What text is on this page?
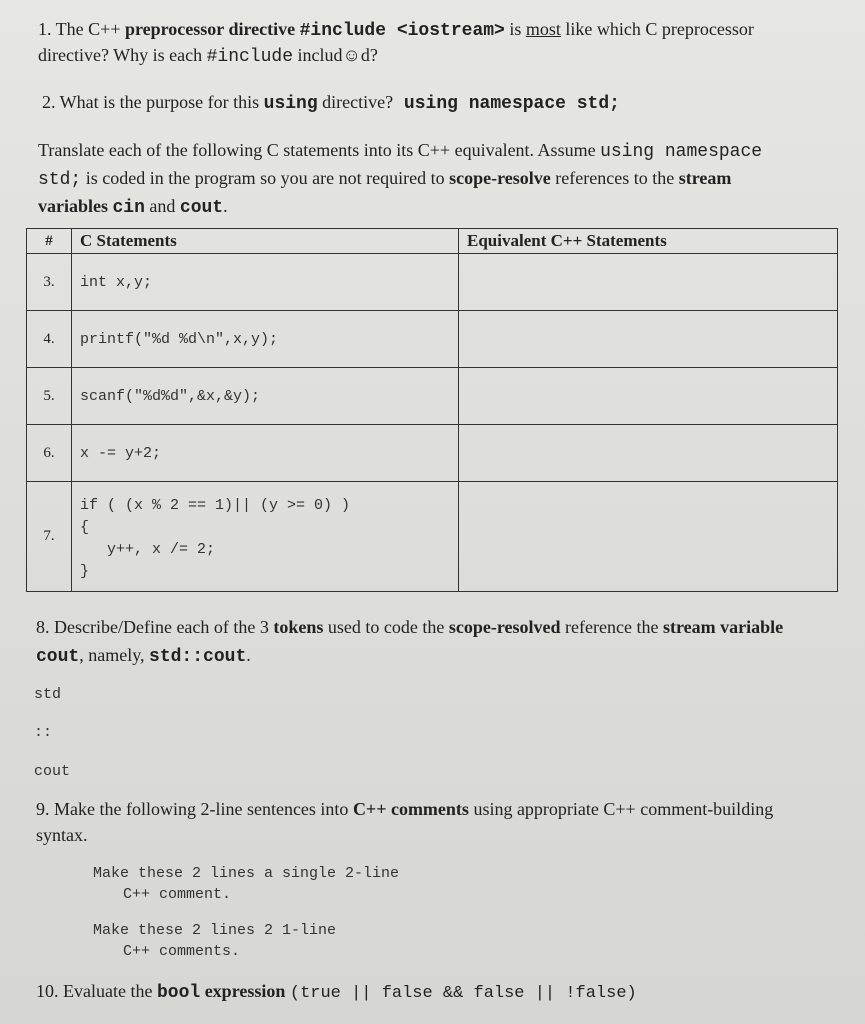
1. The C++ preprocessor directive #include <iostream> is most like which C preprocessor
directive? Why is each #include includ☺d?
2. What is the purpose for this using directive? using namespace std;
Translate each of the following C statements into its C++ equivalent. Assume using namespace
std; is coded in the program so you are not required to scope-resolve references to the stream
variables cin and cout.
#	C Statements	Equivalent C++ Statements
3.	int x,y;	
4.	printf("%d %d\n",x,y);	
5.	scanf("%d%d",&x,&y);	
6.	x -= y+2;	
7.	if ( (x % 2 == 1)|| (y >= 0) )
{
y++, x /= 2;
}	

8. Describe/Define each of the 3 tokens used to code the scope-resolved reference the stream variable
cout, namely, std::cout.
std
::
cout
9. Make the following 2-line sentences into C++ comments using appropriate C++ comment-building
syntax.
Make these 2 lines a single 2-line
C++ comment.
Make these 2 lines 2 1-line
C++ comments.
10. Evaluate the bool expression (true || false && false || !false)
